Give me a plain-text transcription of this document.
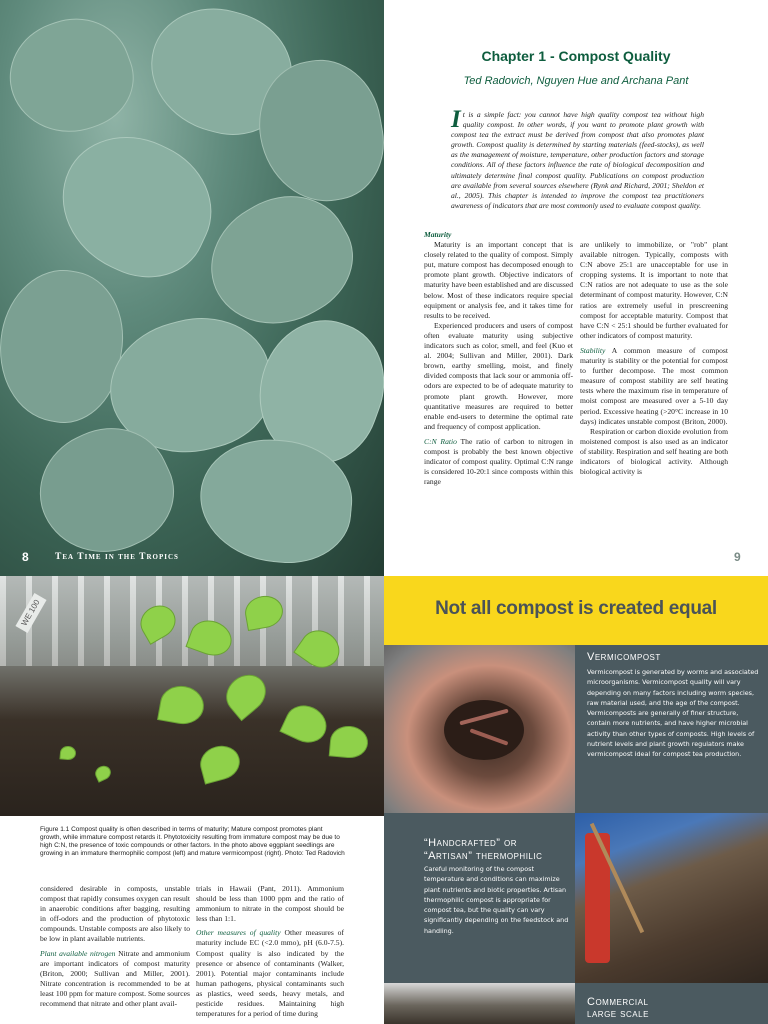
8	Tea Time in the Tropics
Chapter 1 - Compost Quality
Ted Radovich, Nguyen Hue and Archana Pant
It is a simple fact: you cannot have high quality compost tea without high quality compost. In other words, if you want to promote plant growth with compost tea the extract must be derived from compost that also promotes plant growth. Compost quality is determined by starting materials (feed-stocks), as well as the management of moisture, temperature, other production factors and storage conditions. All of these factors influence the rate of biological decomposition and ultimately determine final compost quality. Publications on compost production are available from several sources elsewhere (Rynk and Richard, 2001; Sheldon et al., 2005). This chapter is intended to improve the compost tea practitioners awareness of indicators that are most commonly used to evaluate compost quality.

Maturity

Maturity is an important concept that is closely related to the quality of compost. Simply put, mature compost has decomposed enough to promote plant growth. Objective indicators of maturity have been established and are discussed below. Most of these indicators require special equipment or analysis fee, and it takes time for results to be received.

Experienced producers and users of compost often evaluate maturity using subjective indicators such as color, smell, and feel (Kuo et al. 2004; Sullivan and Miller, 2001). Dark brown, earthy smelling, moist, and finely divided composts that lack sour or ammonia off-odors are expected to be of adequate maturity to promote plant growth. However, more quantitative measures are required to better enable end-users to determine the optimal rate and frequency of compost application.

C:N Ratio The ratio of carbon to nitrogen in compost is probably the best known objective indicator of compost quality. Optimal C:N range is considered 10-20:1 since composts within this range

are unlikely to immobilize, or "rob" plant available nitrogen. Typically, composts with C:N above 25:1 are unacceptable for use in cropping systems. It is important to note that C:N ratios are not adequate to use as the sole determinant of compost maturity. However, C:N ratios are extremely useful in prescreening compost for acceptable maturity. Compost that have C:N < 25:1 should be further evaluated for other indicators of compost maturity.

Stability A common measure of compost maturity is stability or the potential for compost to further decompose. The most common measure of compost stability are self heating tests where the maximum rise in temperature of moist compost are measured over a 5-10 day period. Excessive heating (>20°C increase in 10 days) indicates unstable compost (Briton, 2000).

Respiration or carbon dioxide evolution from moistened compost is also used as an indicator of stability. Respiration and self heating are both indicators of biological activity. Although biological activity is

9
WE 100
Figure 1.1 Compost quality is often described in terms of maturity; Mature compost promotes plant growth, while immature compost retards it. Phytotoxicity resulting from immature compost may be due to high C:N, the presence of toxic compounds or other factors. In the photo above eggplant seedlings are growing in an immature thermophilic compost (left) and mature vermicompost (right). Photo: Ted Radovich

considered desirable in composts, unstable compost that rapidly consumes oxygen can result in anaerobic conditions after bagging, resulting in off-odors and the production of phytotoxic compounds. Unstable composts are also likely to be low in plant available nutrients.

Plant available nitrogen Nitrate and ammonium are important indicators of compost maturity (Briton, 2000; Sullivan and Miller, 2001). Nitrate concentration is recommended to be at least 100 ppm for mature compost. Some sources recommend that nitrate and other plant avail-

trials in Hawaii (Pant, 2011). Ammonium should be less than 1000 ppm and the ratio of ammonium to nitrate in the compost should be less than 1:1.

Other measures of quality Other measures of maturity include EC (<2.0 mmo), pH (6.0-7.5). Compost quality is also indicated by the presence or absence of contaminants (Walker, 2001). Potential major contaminants include human pathogens, physical contaminants such as plastics, weed seeds, heavy metals, and pesticide residues. Maintaining high temperatures for a period of time during

Not all compost is created equal
Vermicompost
Vermicompost is generated by worms and associated microorganisms. Vermicompost quality will vary depending on many factors including worm species, raw material used, and the age of the compost. Vermicomposts are generally of finer structure, contain more nutrients, and have higher microbial activity than other types of composts. High levels of nutrient levels and plant growth regulators make vermicompost ideal for compost tea production.
“Handcrafted” or
“Artisan” thermophilic
Careful monitoring of the compost temperature and conditions can maximize plant nutrients and biotic properties. Artisan thermophilic compost is appropriate for compost tea, but the quality can vary significantly depending on the feedstock and handling.
Commercial
large scale
